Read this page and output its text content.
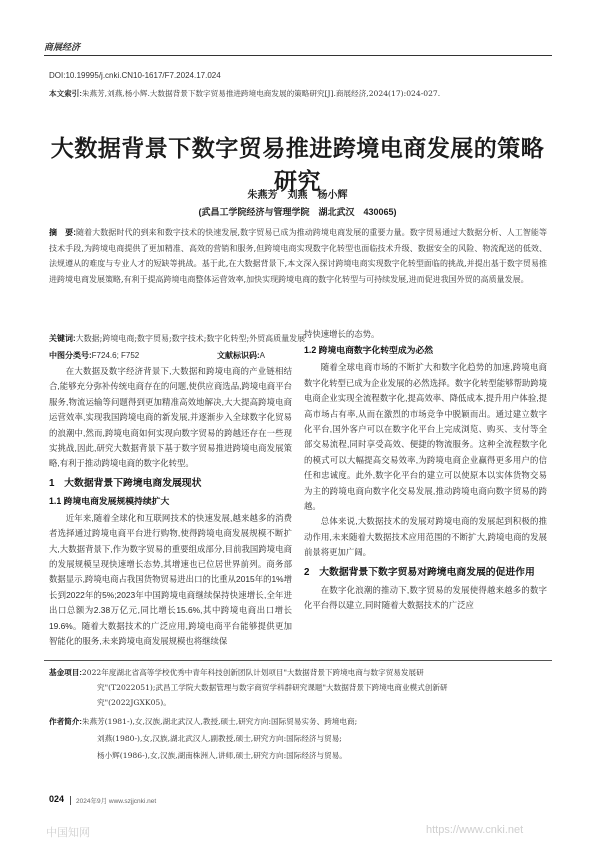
商展经济
DOI:10.19995/j.cnki.CN10-1617/F7.2024.17.024
本文索引:朱燕芳,刘燕,杨小辉.大数据背景下数字贸易推进跨境电商发展的策略研究[J].商展经济,2024(17):024-027.
大数据背景下数字贸易推进跨境电商发展的策略研究
朱燕芳　刘燕　杨小辉
(武昌工学院经济与管理学院　湖北武汉　430065)
摘　要:随着大数据时代的到来和数字技术的快速发展,数字贸易已成为推动跨境电商发展的重要力量。数字贸易通过大数据分析、人工智能等技术手段,为跨境电商提供了更加精准、高效的营销和服务,但跨境电商实现数字化转型也面临技术升级、数据安全的风险、物流配送的低效、法规遵从的难度与专业人才的短缺等挑战。基于此,在大数据背景下,本文深入探讨跨境电商实现数字化转型面临的挑战,并提出基于数字贸易推进跨境电商发展策略,有利于提高跨境电商整体运营效率,加快实现跨境电商的数字化转型与可持续发展,进而促进我国外贸的高质量发展。
关键词:大数据;跨境电商;数字贸易;数字技术;数字化转型;外贸高质量发展
中图分类号:F724.6; F752	文献标识码:A

在大数据及数字经济背景下,大数据和跨境电商的产业链相结合,能够充分弥补传统电商存在的问题,使供应商选品,跨境电商平台服务,物流运输等问题得到更加精准高效地解决,大大提高跨境电商运营效率,实现我国跨境电商的新发展,并逐渐步入全球数字化贸易的浪潮中,然而,跨境电商如何实现向数字贸易的跨越还存在一些现实挑战,因此,研究大数据背景下基于数字贸易推进跨境电商发展策略,有利于推动跨境电商的数字化转型。

1　大数据背景下跨境电商发展现状
1.1 跨境电商发展规模持续扩大

近年来,随着全球化和互联网技术的快速发展,越来越多的消费者选择通过跨境电商平台进行购物,使得跨境电商发展规模不断扩大,大数据背景下,作为数字贸易的重要组成部分,目前我国跨境电商的发展规模呈现快速增长态势,其增速也已位居世界前列。商务部数据显示,跨境电商占我国货物贸易进出口的比重从2015年的1%增长到2022年的5%;2023年中国跨境电商继续保持快速增长,全年进出口总额为2.38万亿元,同比增长15.6%,其中跨境电商出口增长19.6%。随着大数据技术的广泛应用,跨境电商平台能够提供更加智能化的服务,未来跨境电商发展规模也将继续保

持快速增长的态势。

1.2 跨境电商数字化转型成为必然

随着全球电商市场的不断扩大和数字化趋势的加速,跨境电商数字化转型已成为企业发展的必然选择。数字化转型能够帮助跨境电商企业实现全流程数字化,提高效率、降低成本,提升用户体验,提高市场占有率,从而在激烈的市场竞争中脱颖而出。通过建立数字化平台,国外客户可以在数字化平台上完成浏览、购买、支付等全部交易流程,同时享受高效、便捷的物流服务。这种全流程数字化的模式可以大幅提高交易效率,为跨境电商企业赢得更多用户的信任和忠诚度。此外,数字化平台的建立可以使原本以实体货物交易为主的跨境电商向数字化交易发展,推动跨境电商向数字贸易的跨越。

总体来说,大数据技术的发展对跨境电商的发展起到积极的推动作用,未来随着大数据技术应用范围的不断扩大,跨境电商的发展前景将更加广阔。

2　大数据背景下数字贸易对跨境电商发展的促进作用

在数字化浪潮的推动下,数字贸易的发展使得越来越多的数字化平台得以建立,同时随着大数据技术的广泛应

基金项目:2022年度湖北省高等学校优秀中青年科技创新团队计划项目"大数据背景下跨境电商与数字贸易发展研
究"(T2022051);武昌工学院大数据管理与数字商贸学科群研究课题"大数据背景下跨境电商业模式创新研
究"(2022JGXK05)。
作者简介:朱燕芳(1981-),女,汉族,湖北武汉人,教授,硕士,研究方向:国际贸易实务、跨境电商;
刘燕(1980-),女,汉族,湖北武汉人,副教授,硕士,研究方向:国际经济与贸易;
杨小辉(1986-),女,汉族,湖南株洲人,讲师,硕士,研究方向:国际经济与贸易。
024 2024年9月 www.szjjcnki.net
中国知网	https://www.cnki.net
